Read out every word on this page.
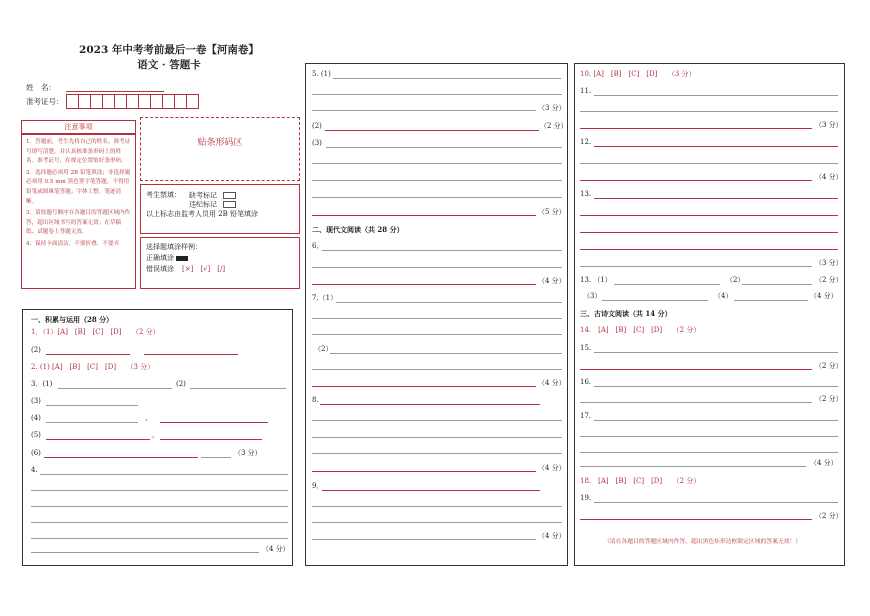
2023 年中考考前最后一卷【河南卷】
语文 · 答题卡
姓　名：
准考证号：
注意事项

1．答题前，考生先将自己的姓名、准考证号填写清楚，并认真核准条形码上的姓名、准考证号，在规定位置贴好条形码。

2．选择题必须用 2B 铅笔填涂；非选择题必须用 0.5 mm 黑色签字笔答题，不得用铅笔或圆珠笔答题；字体工整、笔迹清晰。

3．请按题号顺序在各题目的答题区域内作答，超出区域书写的答案无效；在草稿纸、试题卷上答题无效。

4．保持卡面清洁，不要折叠、不要弄

贴条形码区
考生禁填： 缺考标记
违纪标记
以上标志由监考人员用 2B 铅笔填涂
选择题填涂样例：
正确填涂
错误填涂 [×]　[√]　[/]
一、积累与运用（28 分）
1．（1）[A]　[B]　[C]　[D]　　（2 分）
(2)
2. (1) [A]　[B]　[C]　[D]　　（3 分）
3．(1)	(2)
(3)
(4)	、
(5)	，
(6)	（3 分）
4.
（4 分）
5. (1)
（3 分）
(2)	（2 分）
(3)
（5 分）
二、现代文阅读（共 28 分）
6．
（4 分）
7.（1）
（2）
（4 分）
8.
（4 分）
9．
（4 分）
10. [A]　[B]　[C]　[D]　　（3 分）
11.
（3 分）
12.
（4 分）
13.
（3 分）
13. （1）	（2）	（2 分）
（3）	（4）	（4 分）
三、古诗文阅读（共 14 分）
14.　[A]　[B]　[C]　[D]　　（2 分）
15.
（2 分）
16.
（2 分）
17.
（4 分）
18.　[A]　[B]　[C]　[D]　　（2 分）
19.
（2 分）
（请在各题目的答题区域内作答，超出黑色矩形边框限定区域的答案无效！）
